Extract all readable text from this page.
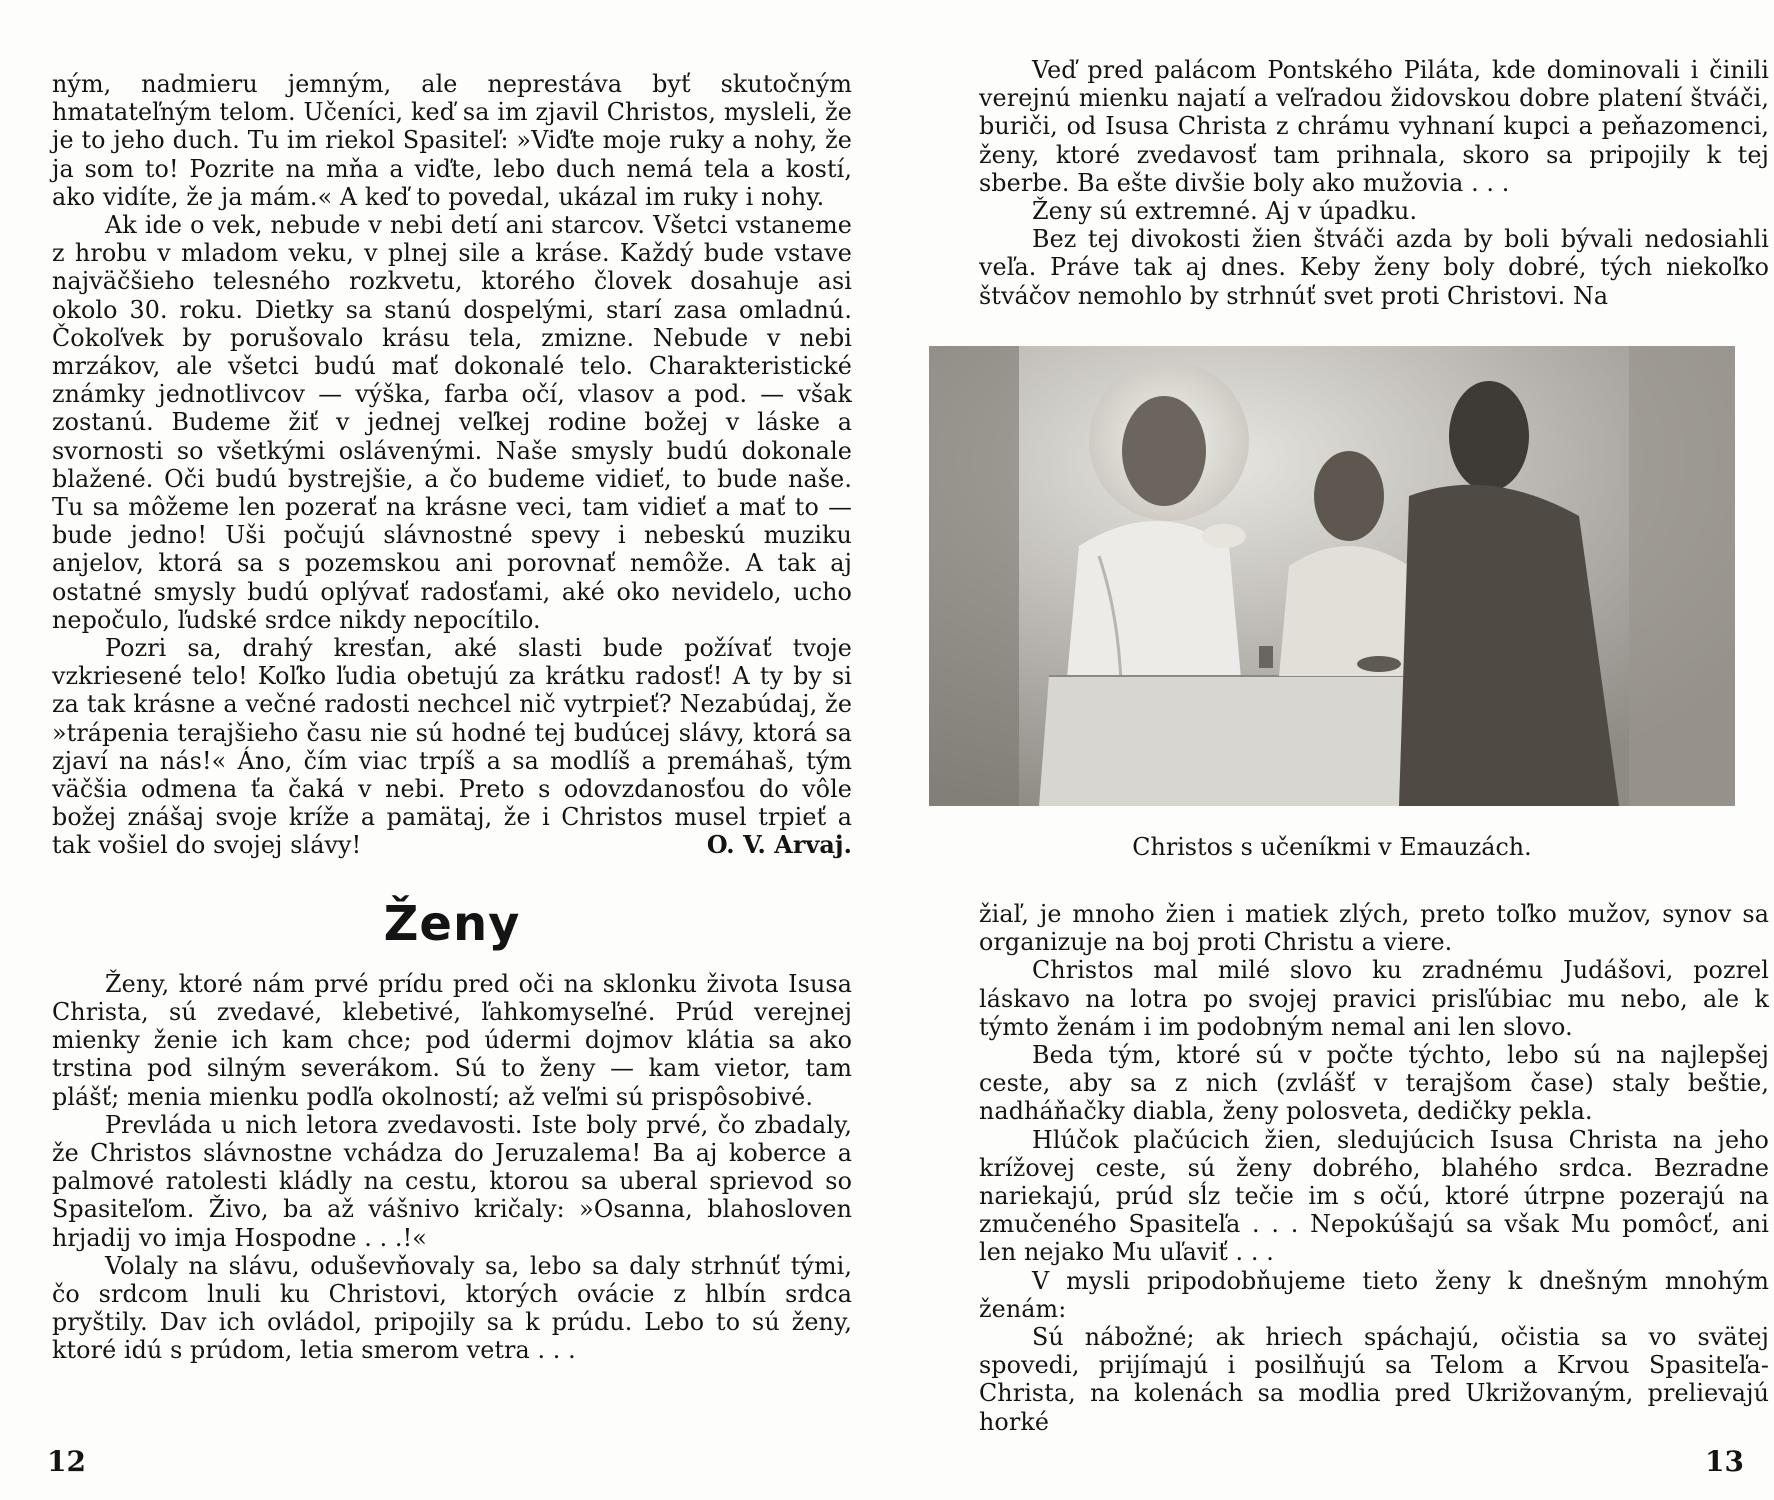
ným, nadmieru jemným, ale neprestáva byť skutočným hmatateľným telom. Učeníci, keď sa im zjavil Christos, mysleli, že je to jeho duch. Tu im riekol Spasiteľ: »Viďte moje ruky a nohy, že ja som to! Pozrite na mňa a viďte, lebo duch nemá tela a kostí, ako vidíte, že ja mám.« A keď to povedal, ukázal im ruky i nohy.

Ak ide o vek, nebude v nebi detí ani starcov. Všetci vstaneme z hrobu v mladom veku, v plnej sile a kráse. Každý bude vstave najväčšieho telesného rozkvetu, ktorého človek dosahuje asi okolo 30. roku. Dietky sa stanú dospelými, starí zasa omladnú. Čokoľvek by porušovalo krásu tela, zmizne. Nebude v nebi mrzákov, ale všetci budú mať dokonalé telo. Charakteristické známky jednotlivcov — výška, farba očí, vlasov a pod. — však zostanú. Budeme žiť v jednej veľkej rodine božej v láske a svornosti so všetkými oslávenými. Naše smysly budú dokonale blažené. Oči budú bystrejšie, a čo budeme vidieť, to bude naše. Tu sa môžeme len pozerať na krásne veci, tam vidieť a mať to — bude jedno! Uši počujú slávnostné spevy i nebeskú muziku anjelov, ktorá sa s pozemskou ani porovnať nemôže. A tak aj ostatné smysly budú oplývať radosťami, aké oko nevidelo, ucho nepočulo, ľudské srdce nikdy nepocítilo.

Pozri sa, drahý kresťan, aké slasti bude požívať tvoje vzkriesené telo! Koľko ľudia obetujú za krátku radosť! A ty by si za tak krásne a večné radosti nechcel nič vytrpieť? Nezabúdaj, že »trápenia terajšieho času nie sú hodné tej budúcej slávy, ktorá sa zjaví na nás!« Áno, čím viac trpíš a sa modlíš a premáhaš, tým väčšia odmena ťa čaká v nebi. Preto s odovzdanosťou do vôle božej znášaj svoje kríže a pamätaj, že i Christos musel trpieť a tak vošiel do svojej slávy!	O. V. Arvaj.

Ženy

Ženy, ktoré nám prvé prídu pred oči na sklonku života Isusa Christa, sú zvedavé, klebetivé, ľahkomyseľné. Prúd verejnej mienky ženie ich kam chce; pod údermi dojmov klátia sa ako trstina pod silným severákom. Sú to ženy — kam vietor, tam plášť; menia mienku podľa okolností; až veľmi sú prispôsobivé.

Prevláda u nich letora zvedavosti. Iste boly prvé, čo zbadaly, že Christos slávnostne vchádza do Jeruzalema! Ba aj koberce a palmové ratolesti kládly na cestu, ktorou sa uberal sprievod so Spasiteľom. Živo, ba až vášnivo kričaly: »Osanna, blahosloven hrjadij vo imja Hospodne . . .!«

Volaly na slávu, oduševňovaly sa, lebo sa daly strhnúť tými, čo srdcom lnuli ku Christovi, ktorých ovácie z hlbín srdca pryštily. Dav ich ovládol, pripojily sa k prúdu. Lebo to sú ženy, ktoré idú s prúdom, letia smerom vetra . . .

12

Veď pred palácom Pontského Piláta, kde dominovali i činili verejnú mienku najatí a veľradou židovskou dobre platení štváči, buriči, od Isusa Christa z chrámu vyhnaní kupci a peňazomenci, ženy, ktoré zvedavosť tam prihnala, skoro sa pripojily k tej sberbe. Ba ešte divšie boly ako mužovia . . .

Ženy sú extremné. Aj v úpadku.

Bez tej divokosti žien štváči azda by boli bývali nedosiahli veľa. Práve tak aj dnes. Keby ženy boly dobré, tých niekoľko štváčov nemohlo by strhnúť svet proti Christovi. Na

Christos s učeníkmi v Emauzách.

žiaľ, je mnoho žien i matiek zlých, preto toľko mužov, synov sa organizuje na boj proti Christu a viere.

Christos mal milé slovo ku zradnému Judášovi, pozrel láskavo na lotra po svojej pravici prisľúbiac mu nebo, ale k týmto ženám i im podobným nemal ani len slovo.

Beda tým, ktoré sú v počte týchto, lebo sú na najlepšej ceste, aby sa z nich (zvlášť v terajšom čase) staly beštie, nadháňačky diabla, ženy polosveta, dedičky pekla.

Hlúčok plačúcich žien, sledujúcich Isusa Christa na jeho krížovej ceste, sú ženy dobrého, blahého srdca. Bezradne nariekajú, prúd sĺz tečie im s očú, ktoré útrpne pozerajú na zmučeného Spasiteľa . . . Nepokúšajú sa však Mu pomôcť, ani len nejako Mu uľaviť . . .

V mysli pripodobňujeme tieto ženy k dnešným mnohým ženám:

Sú nábožné; ak hriech spáchajú, očistia sa vo svätej spovedi, prijímajú i posilňujú sa Telom a Krvou Spasiteľa-Christa, na kolenách sa modlia pred Ukrižovaným, prelievajú horké

13
